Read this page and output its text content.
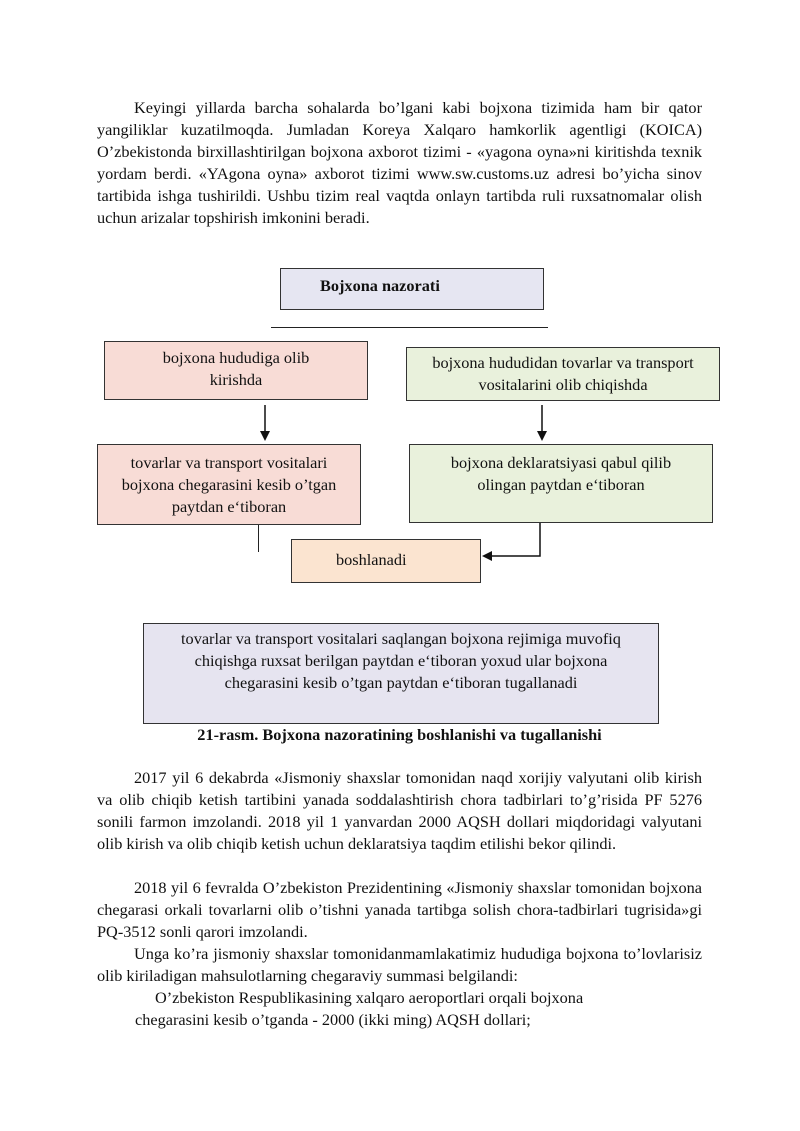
Keyingi yillarda barcha sohalarda bo’lgani kabi bojxona tizimida ham bir qator yangiliklar kuzatilmoqda. Jumladan Koreya Xalqaro hamkorlik agentligi (KOICA) O’zbekistonda birxillashtirilgan bojxona axborot tizimi - «yagona oyna»ni kiritishda texnik yordam berdi. «YAgona oyna» axborot tizimi www.sw.customs.uz adresi bo’yicha sinov tartibida ishga tushirildi. Ushbu tizim real vaqtda onlayn tartibda ruli ruxsatnomalar olish uchun arizalar topshirish imkonini beradi.

Bojxona nazorati
bojxona hududiga olib kirishda
bojxona hududidan tovarlar va transport vositalarini olib chiqishda
tovarlar va transport vositalari bojxona chegarasini kesib o’tgan paytdan e‘tiboran
bojxona deklaratsiyasi qabul qilib olingan paytdan e‘tiboran
boshlanadi
tovarlar va transport vositalari saqlangan bojxona rejimiga muvofiq chiqishga ruxsat berilgan paytdan e‘tiboran yoxud ular bojxona chegarasini kesib o’tgan paytdan e‘tiboran tugallanadi
21-rasm. Bojxona nazoratining boshlanishi va tugallanishi

2017 yil 6 dekabrda «Jismoniy shaxslar tomonidan naqd xorijiy valyutani olib kirish va olib chiqib ketish tartibini yanada soddalashtirish chora tadbirlari to’g’risida PF 5276 sonili farmon imzolandi. 2018 yil 1 yanvardan 2000 AQSH dollari miqdoridagi valyutani olib kirish va olib chiqib ketish uchun deklaratsiya taqdim etilishi bekor qilindi.

2018 yil 6 fevralda O’zbekiston Prezidentining «Jismoniy shaxslar tomonidan bojxona chegarasi orkali tovarlarni olib o’tishni yanada tartibga solish chora-tadbirlari tugrisida»gi PQ-3512 sonli qarori imzolandi.

Unga ko’ra jismoniy shaxslar tomonidanmamlakatimiz hududiga bojxona to’lovlarisiz olib kiriladigan mahsulotlarning chegaraviy summasi belgilandi:

O’zbekiston Respublikasining xalqaro aeroportlari orqali bojxona
chegarasini kesib o’tganda - 2000 (ikki ming) AQSH dollari;
